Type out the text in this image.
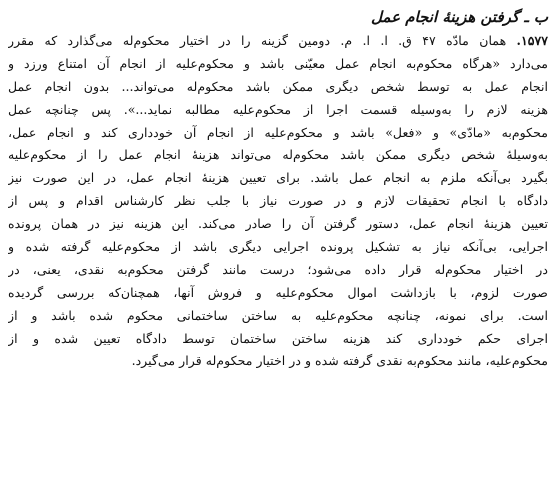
ب ـ گرفتن هزینهٔ انجام عمل
۱۵۷۷. همان مادّه ۴۷ ق. ا. ا. م. دومین گزینه را در اختیار محکوم‌له می‌گذارد که مقرر
می‌دارد «هرگاه محکوم‌به انجام عمل معیّنی باشد و محکوم‌علیه از انجام آن امتناع ورزد و
انجام عمل به توسط شخص دیگری ممکن باشد محکوم‌له می‌تواند... بدون انجام عمل
هزینه لازم را به‌وسیله قسمت اجرا از محکوم‌علیه مطالبه نماید...». پس چنانچه عمل
محکوم‌به «مادّی» و «فعل» باشد و محکوم‌علیه از انجام آن خودداری کند و انجام عمل،
به‌وسیلهٔ شخص دیگری ممکن باشد محکوم‌له می‌تواند هزینهٔ انجام عمل را از محکوم‌علیه
بگیرد بی‌آنکه ملزم به انجام عمل باشد. برای تعیین هزینهٔ انجام عمل، در این صورت نیز
دادگاه با انجام تحقیقات لازم و در صورت نیاز با جلب نظر کارشناس اقدام و پس از
تعیین هزینهٔ انجام عمل، دستور گرفتن آن را صادر می‌کند. این هزینه نیز در همان پرونده
اجرایی، بی‌آنکه نیاز به تشکیل پرونده اجرایی دیگری باشد از محکوم‌علیه گرفته شده و
در اختیار محکوم‌له قرار داده می‌شود؛ درست مانند گرفتن محکوم‌به نقدی، یعنی، در
صورت لزوم، با بازداشت اموال محکوم‌علیه و فروش آنها، همچنان‌که بررسی گردیده
است. برای نمونه، چنانچه محکوم‌علیه به ساختن ساختمانی محکوم شده باشد و از
اجرای حکم خودداری کند هزینه ساختن ساختمان توسط دادگاه تعیین شده و از
محکوم‌علیه، مانند محکوم‌به نقدی گرفته شده و در اختیار محکوم‌له قرار می‌گیرد.
